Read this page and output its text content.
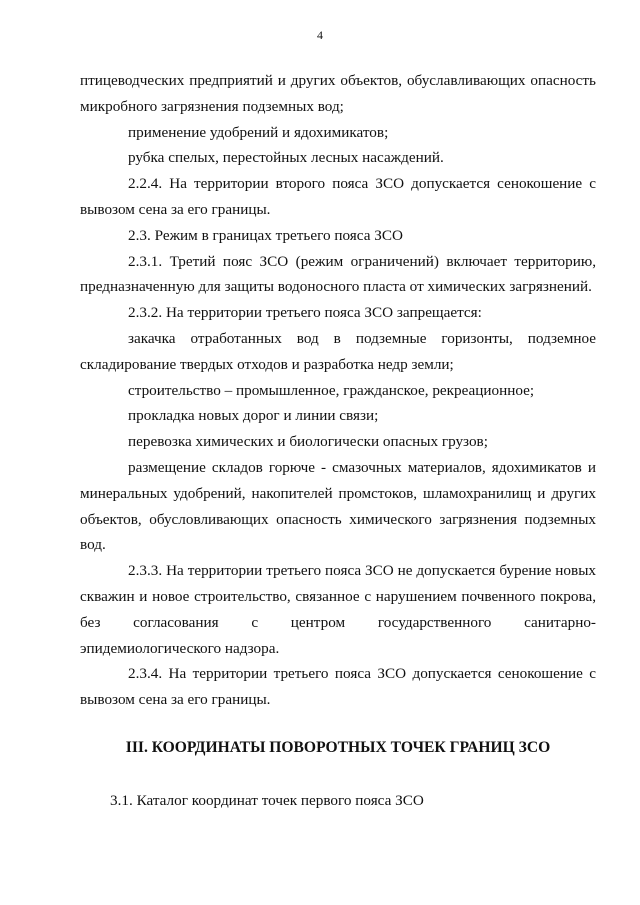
4

птицеводческих предприятий и других объектов, обуславливающих опасность микробного загрязнения подземных вод;

применение удобрений и ядохимикатов;

рубка спелых, перестойных лесных насаждений.

2.2.4. На территории второго пояса ЗСО допускается сенокошение с вывозом сена за его границы.

2.3. Режим в границах третьего пояса ЗСО

2.3.1. Третий пояс ЗСО (режим ограничений) включает территорию, предназначенную для защиты водоносного пласта от химических загрязнений.

2.3.2. На территории третьего пояса ЗСО запрещается:

закачка отработанных вод в подземные горизонты, подземное складирование твердых отходов и разработка недр земли;

строительство – промышленное, гражданское, рекреационное;

прокладка новых дорог и линии связи;

перевозка химических и биологически опасных грузов;

размещение складов горюче - смазочных материалов, ядохимикатов и минеральных удобрений, накопителей промстоков, шламохранилищ и других объектов, обусловливающих опасность химического загрязнения подземных вод.

2.3.3. На территории третьего пояса ЗСО не допускается бурение новых скважин и новое строительство, связанное с нарушением почвенного покрова, без согласования с центром государственного санитарно- эпидемиологического надзора.

2.3.4. На территории третьего пояса ЗСО допускается сенокошение с вывозом сена за его границы.

III. КООРДИНАТЫ ПОВОРОТНЫХ ТОЧЕК ГРАНИЦ ЗСО

3.1. Каталог координат точек первого пояса ЗСО
